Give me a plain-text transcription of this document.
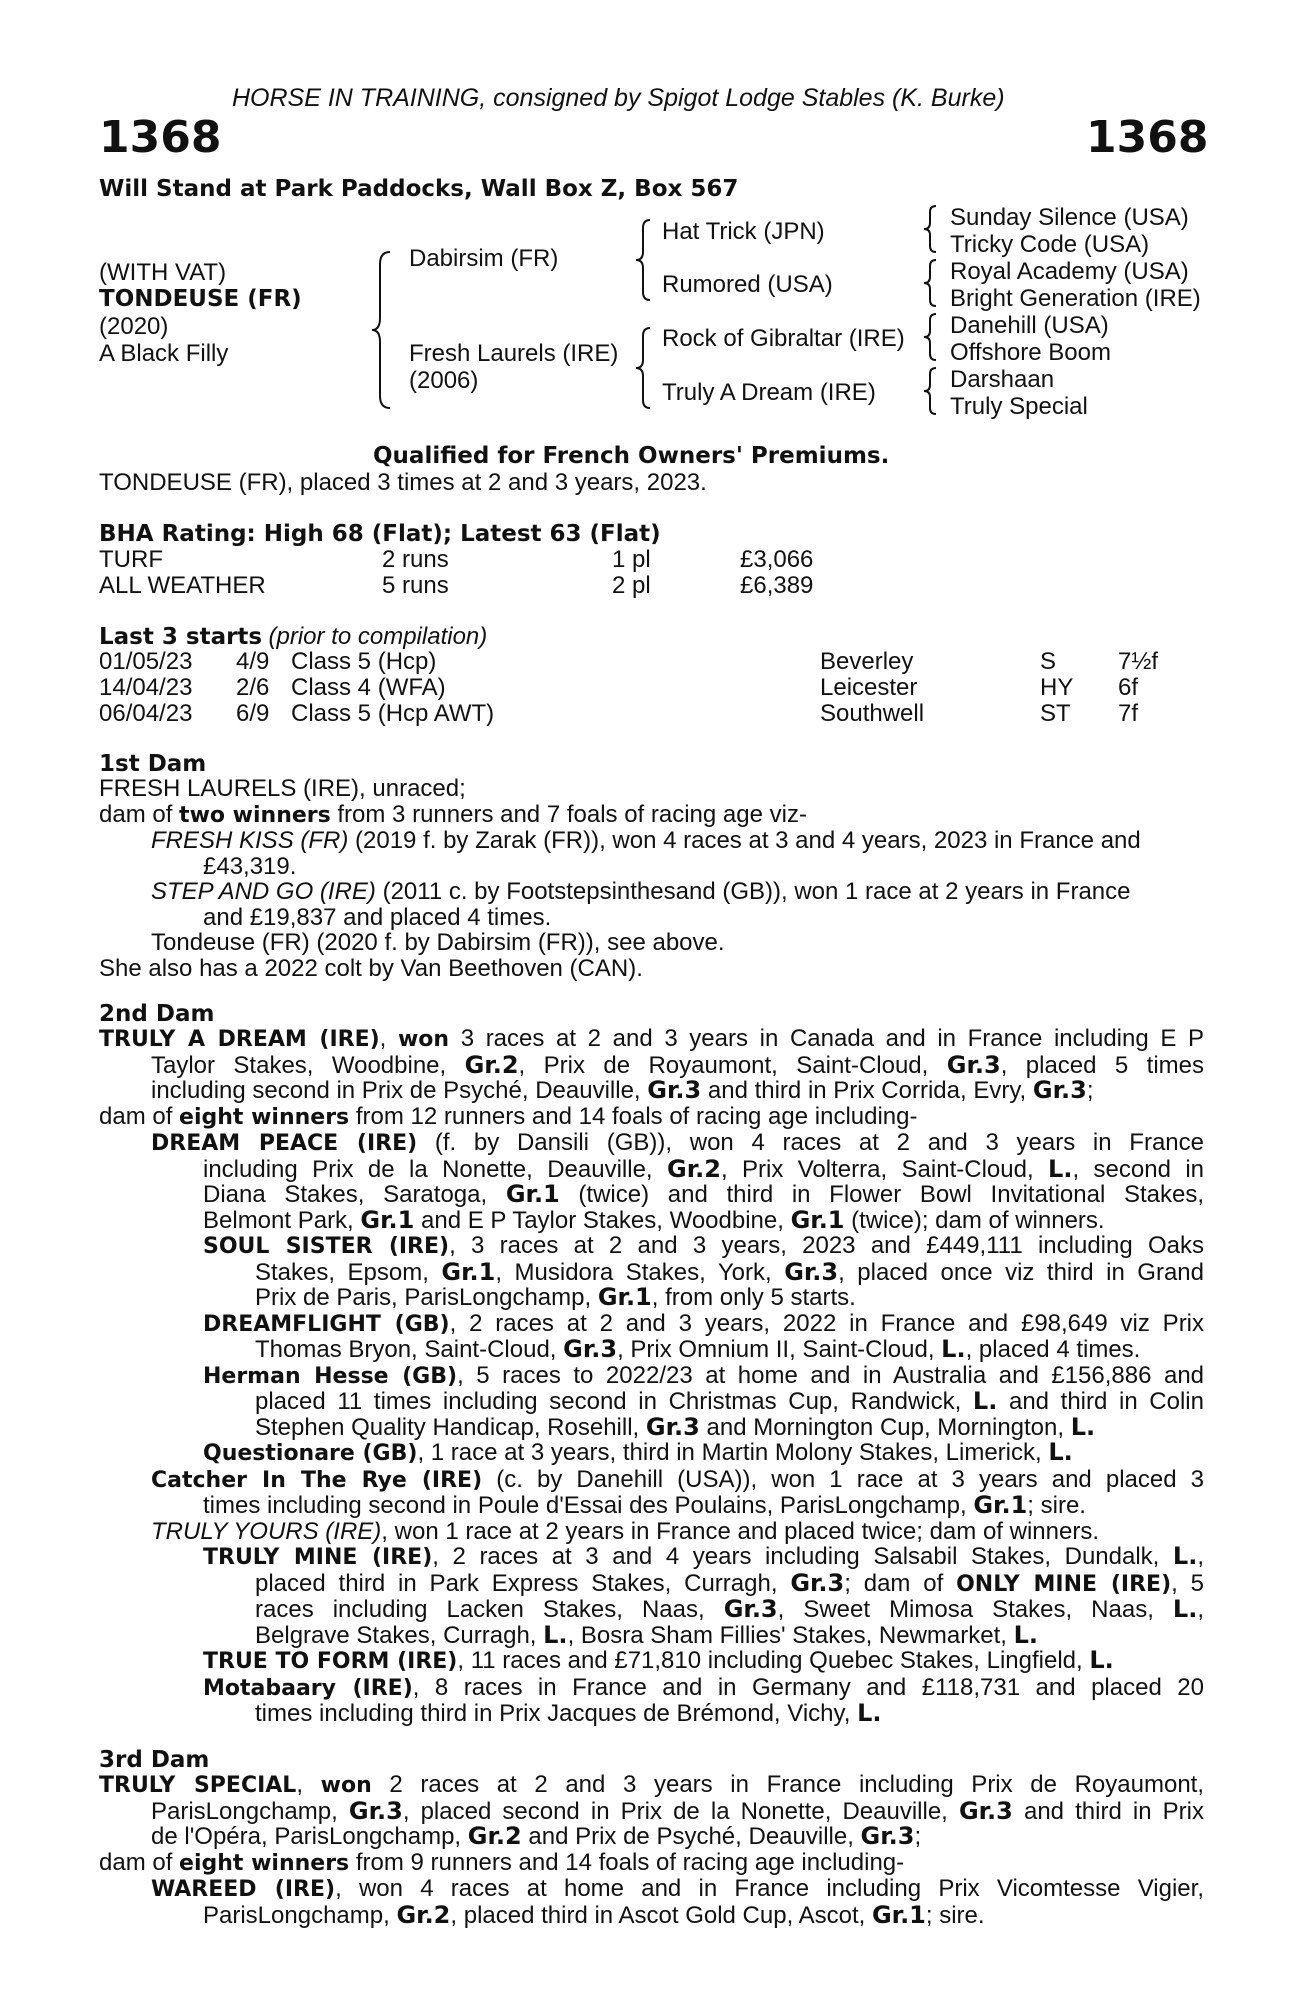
HORSE IN TRAINING, consigned by Spigot Lodge Stables (K. Burke)
1368	1368
Will Stand at Park Paddocks, Wall Box Z, Box 567
(WITH VAT)
TONDEUSE (FR)
(2020)
A Black Filly
Dabirsim (FR)
Fresh Laurels (IRE)
(2006)
Hat Trick (JPN)
Rumored (USA)
Rock of Gibraltar (IRE)
Truly A Dream (IRE)
Sunday Silence (USA)
Tricky Code (USA)
Royal Academy (USA)
Bright Generation (IRE)
Danehill (USA)
Offshore Boom
Darshaan
Truly Special
Qualified for French Owners' Premiums.
TONDEUSE (FR), placed 3 times at 2 and 3 years, 2023.
BHA Rating: High 68 (Flat); Latest 63 (Flat)
TURF	2 runs	1 pl	£3,066
ALL WEATHER	5 runs	2 pl	£6,389
Last 3 starts (prior to compilation)
01/05/23 4/9 Class 5 (Hcp)	Beverley	S	7½f
14/04/23 2/6 Class 4 (WFA)	Leicester	HY 6f
06/04/23 6/9 Class 5 (Hcp AWT)	Southwell	ST 7f
1st Dam
FRESH LAURELS (IRE), unraced;
dam of two winners from 3 runners and 7 foals of racing age viz-
FRESH KISS (FR) (2019 f. by Zarak (FR)), won 4 races at 3 and 4 years, 2023 in France and
£43,319.
STEP AND GO (IRE) (2011 c. by Footstepsinthesand (GB)), won 1 race at 2 years in France
and £19,837 and placed 4 times.
Tondeuse (FR) (2020 f. by Dabirsim (FR)), see above.
She also has a 2022 colt by Van Beethoven (CAN).
2nd Dam
TRULY A DREAM (IRE), won 3 races at 2 and 3 years in Canada and in France including E P
Taylor Stakes, Woodbine, Gr.2, Prix de Royaumont, Saint-Cloud, Gr.3, placed 5 times
including second in Prix de Psyché, Deauville, Gr.3 and third in Prix Corrida, Evry, Gr.3;
dam of eight winners from 12 runners and 14 foals of racing age including-
DREAM PEACE (IRE) (f. by Dansili (GB)), won 4 races at 2 and 3 years in France
including Prix de la Nonette, Deauville, Gr.2, Prix Volterra, Saint-Cloud, L., second in
Diana Stakes, Saratoga, Gr.1 (twice) and third in Flower Bowl Invitational Stakes,
Belmont Park, Gr.1 and E P Taylor Stakes, Woodbine, Gr.1 (twice); dam of winners.
SOUL SISTER (IRE), 3 races at 2 and 3 years, 2023 and £449,111 including Oaks
Stakes, Epsom, Gr.1, Musidora Stakes, York, Gr.3, placed once viz third in Grand
Prix de Paris, ParisLongchamp, Gr.1, from only 5 starts.
DREAMFLIGHT (GB), 2 races at 2 and 3 years, 2022 in France and £98,649 viz Prix
Thomas Bryon, Saint-Cloud, Gr.3, Prix Omnium II, Saint-Cloud, L., placed 4 times.
Herman Hesse (GB), 5 races to 2022/23 at home and in Australia and £156,886 and
placed 11 times including second in Christmas Cup, Randwick, L. and third in Colin
Stephen Quality Handicap, Rosehill, Gr.3 and Mornington Cup, Mornington, L.
Questionare (GB), 1 race at 3 years, third in Martin Molony Stakes, Limerick, L.
Catcher In The Rye (IRE) (c. by Danehill (USA)), won 1 race at 3 years and placed 3
times including second in Poule d'Essai des Poulains, ParisLongchamp, Gr.1; sire.
TRULY YOURS (IRE), won 1 race at 2 years in France and placed twice; dam of winners.
TRULY MINE (IRE), 2 races at 3 and 4 years including Salsabil Stakes, Dundalk, L.,
placed third in Park Express Stakes, Curragh, Gr.3; dam of ONLY MINE (IRE), 5
races including Lacken Stakes, Naas, Gr.3, Sweet Mimosa Stakes, Naas, L.,
Belgrave Stakes, Curragh, L., Bosra Sham Fillies' Stakes, Newmarket, L.
TRUE TO FORM (IRE), 11 races and £71,810 including Quebec Stakes, Lingfield, L.
Motabaary (IRE), 8 races in France and in Germany and £118,731 and placed 20
times including third in Prix Jacques de Brémond, Vichy, L.
3rd Dam
TRULY SPECIAL, won 2 races at 2 and 3 years in France including Prix de Royaumont,
ParisLongchamp, Gr.3, placed second in Prix de la Nonette, Deauville, Gr.3 and third in Prix
de l'Opéra, ParisLongchamp, Gr.2 and Prix de Psyché, Deauville, Gr.3;
dam of eight winners from 9 runners and 14 foals of racing age including-
WAREED (IRE), won 4 races at home and in France including Prix Vicomtesse Vigier,
ParisLongchamp, Gr.2, placed third in Ascot Gold Cup, Ascot, Gr.1; sire.
